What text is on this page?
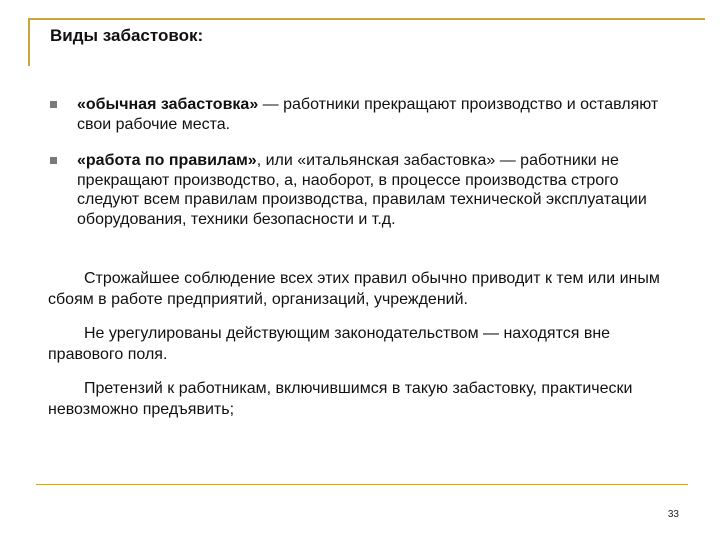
Виды забастовок:
«обычная забастовка» — работники прекращают производство и оставляют свои рабочие места.
«работа по правилам», или «итальянская забастовка» — работники не прекращают производство, а, наоборот, в процессе производства строго следуют всем правилам производства, правилам технической эксплуатации оборудования, техники безопасности и т.д.
Строжайшее соблюдение всех этих правил обычно приводит к тем или иным сбоям в работе предприятий, организаций, учреждений.
Не урегулированы действующим законодательством — находятся вне правового поля.
Претензий к работникам, включившимся в такую забастовку, практически невозможно предъявить;
33
